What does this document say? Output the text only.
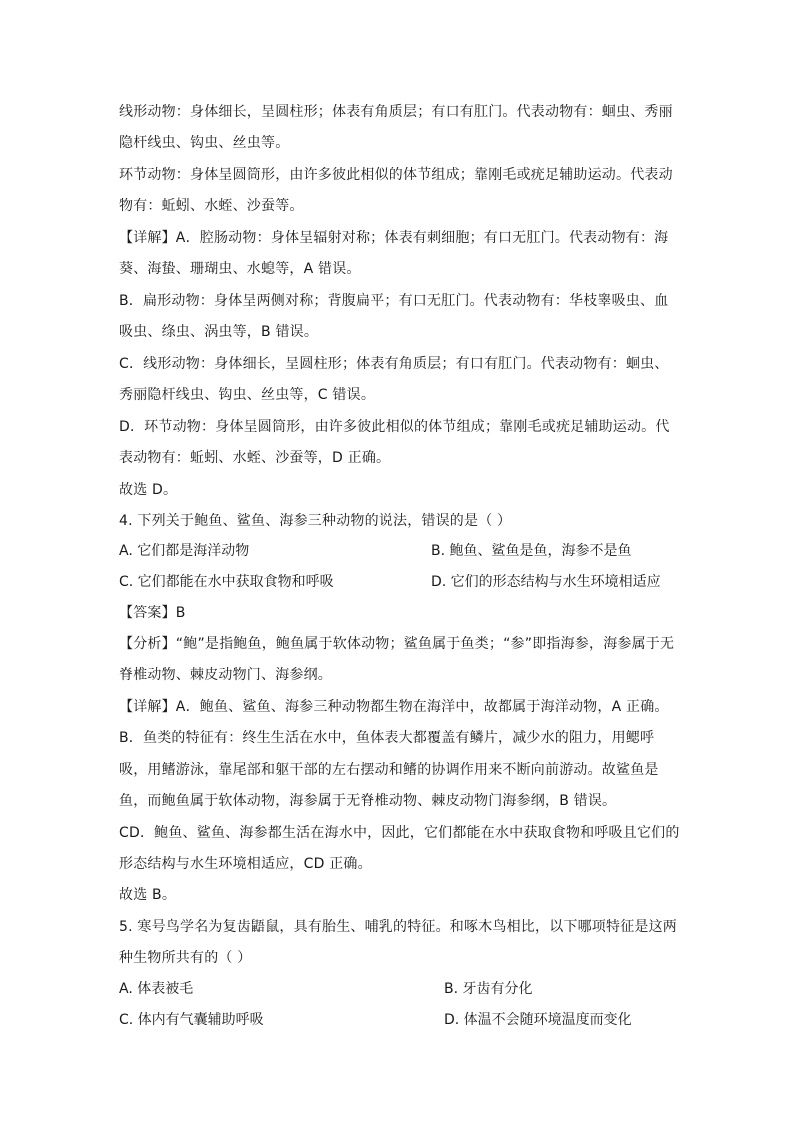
线形动物：身体细长，呈圆柱形；体表有角质层；有口有肛门。代表动物有：蛔虫、秀丽
隐杆线虫、钩虫、丝虫等。
环节动物：身体呈圆筒形，由许多彼此相似的体节组成；靠刚毛或疣足辅助运动。代表动
物有：蚯蚓、水蛭、沙蚕等。
【详解】A．腔肠动物：身体呈辐射对称；体表有刺细胞；有口无肛门。代表动物有：海
葵、海蛰、珊瑚虫、水螅等，A 错误。
B．扁形动物：身体呈两侧对称；背腹扁平；有口无肛门。代表动物有：华枝睾吸虫、血
吸虫、绦虫、涡虫等，B 错误。
C．线形动物：身体细长，呈圆柱形；体表有角质层；有口有肛门。代表动物有：蛔虫、
秀丽隐杆线虫、钩虫、丝虫等，C 错误。
D．环节动物：身体呈圆筒形，由许多彼此相似的体节组成；靠刚毛或疣足辅助运动。代
表动物有：蚯蚓、水蛭、沙蚕等，D 正确。
故选 D。
4. 下列关于鲍鱼、鲨鱼、海参三种动物的说法，错误的是（ ）
A. 它们都是海洋动物	B. 鲍鱼、鲨鱼是鱼，海参不是鱼
C. 它们都能在水中获取食物和呼吸	D. 它们的形态结构与水生环境相适应
【答案】B
【分析】“鲍”是指鲍鱼，鲍鱼属于软体动物；鲨鱼属于鱼类；“参”即指海参，海参属于无
脊椎动物、棘皮动物门、海参纲。
【详解】A．鲍鱼、鲨鱼、海参三种动物都生物在海洋中，故都属于海洋动物，A 正确。
B．鱼类的特征有：终生生活在水中，鱼体表大都覆盖有鳞片，减少水的阻力，用鳃呼
吸，用鳍游泳，靠尾部和躯干部的左右摆动和鳍的协调作用来不断向前游动。故鲨鱼是
鱼，而鲍鱼属于软体动物，海参属于无脊椎动物、棘皮动物门海参纲，B 错误。
CD．鲍鱼、鲨鱼、海参都生活在海水中，因此，它们都能在水中获取食物和呼吸且它们的
形态结构与水生环境相适应，CD 正确。
故选 B。
5. 寒号鸟学名为复齿鼯鼠，具有胎生、哺乳的特征。和啄木鸟相比，以下哪项特征是这两
种生物所共有的（ ）
A. 体表被毛	B. 牙齿有分化
C. 体内有气囊辅助呼吸	D. 体温不会随环境温度而变化
